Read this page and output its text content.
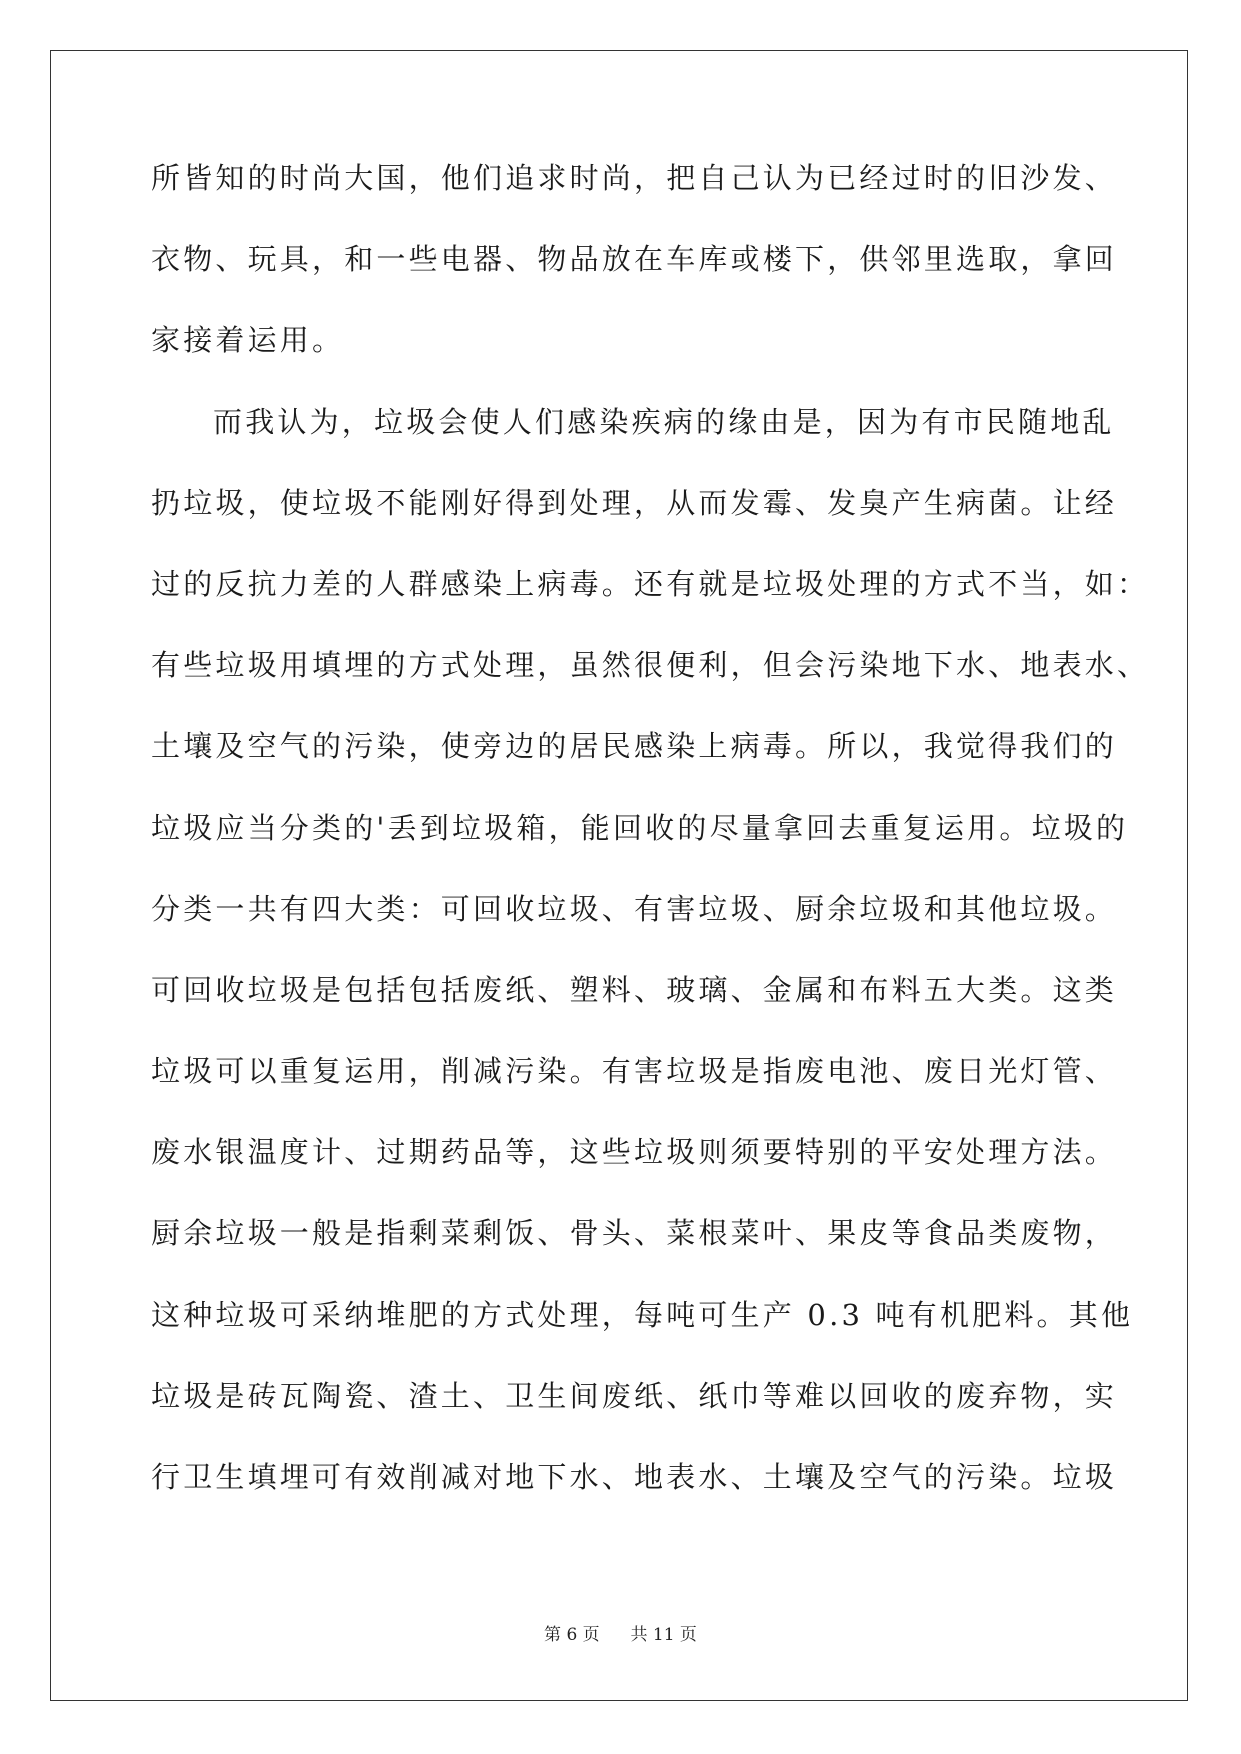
所皆知的时尚大国，他们追求时尚，把自己认为已经过时的旧沙发、
衣物、玩具，和一些电器、物品放在车库或楼下，供邻里选取，拿回
家接着运用。
而我认为，垃圾会使人们感染疾病的缘由是，因为有市民随地乱
扔垃圾，使垃圾不能刚好得到处理，从而发霉、发臭产生病菌。让经
过的反抗力差的人群感染上病毒。还有就是垃圾处理的方式不当，如：
有些垃圾用填埋的方式处理，虽然很便利，但会污染地下水、地表水、
土壤及空气的污染，使旁边的居民感染上病毒。所以，我觉得我们的
垃圾应当分类的'丢到垃圾箱，能回收的尽量拿回去重复运用。垃圾的
分类一共有四大类：可回收垃圾、有害垃圾、厨余垃圾和其他垃圾。
可回收垃圾是包括包括废纸、塑料、玻璃、金属和布料五大类。这类
垃圾可以重复运用，削减污染。有害垃圾是指废电池、废日光灯管、
废水银温度计、过期药品等，这些垃圾则须要特别的平安处理方法。
厨余垃圾一般是指剩菜剩饭、骨头、菜根菜叶、果皮等食品类废物，
这种垃圾可采纳堆肥的方式处理，每吨可生产 0.3 吨有机肥料。其他
垃圾是砖瓦陶瓷、渣土、卫生间废纸、纸巾等难以回收的废弃物，实
行卫生填埋可有效削减对地下水、地表水、土壤及空气的污染。垃圾
第 6 页 共 11 页
